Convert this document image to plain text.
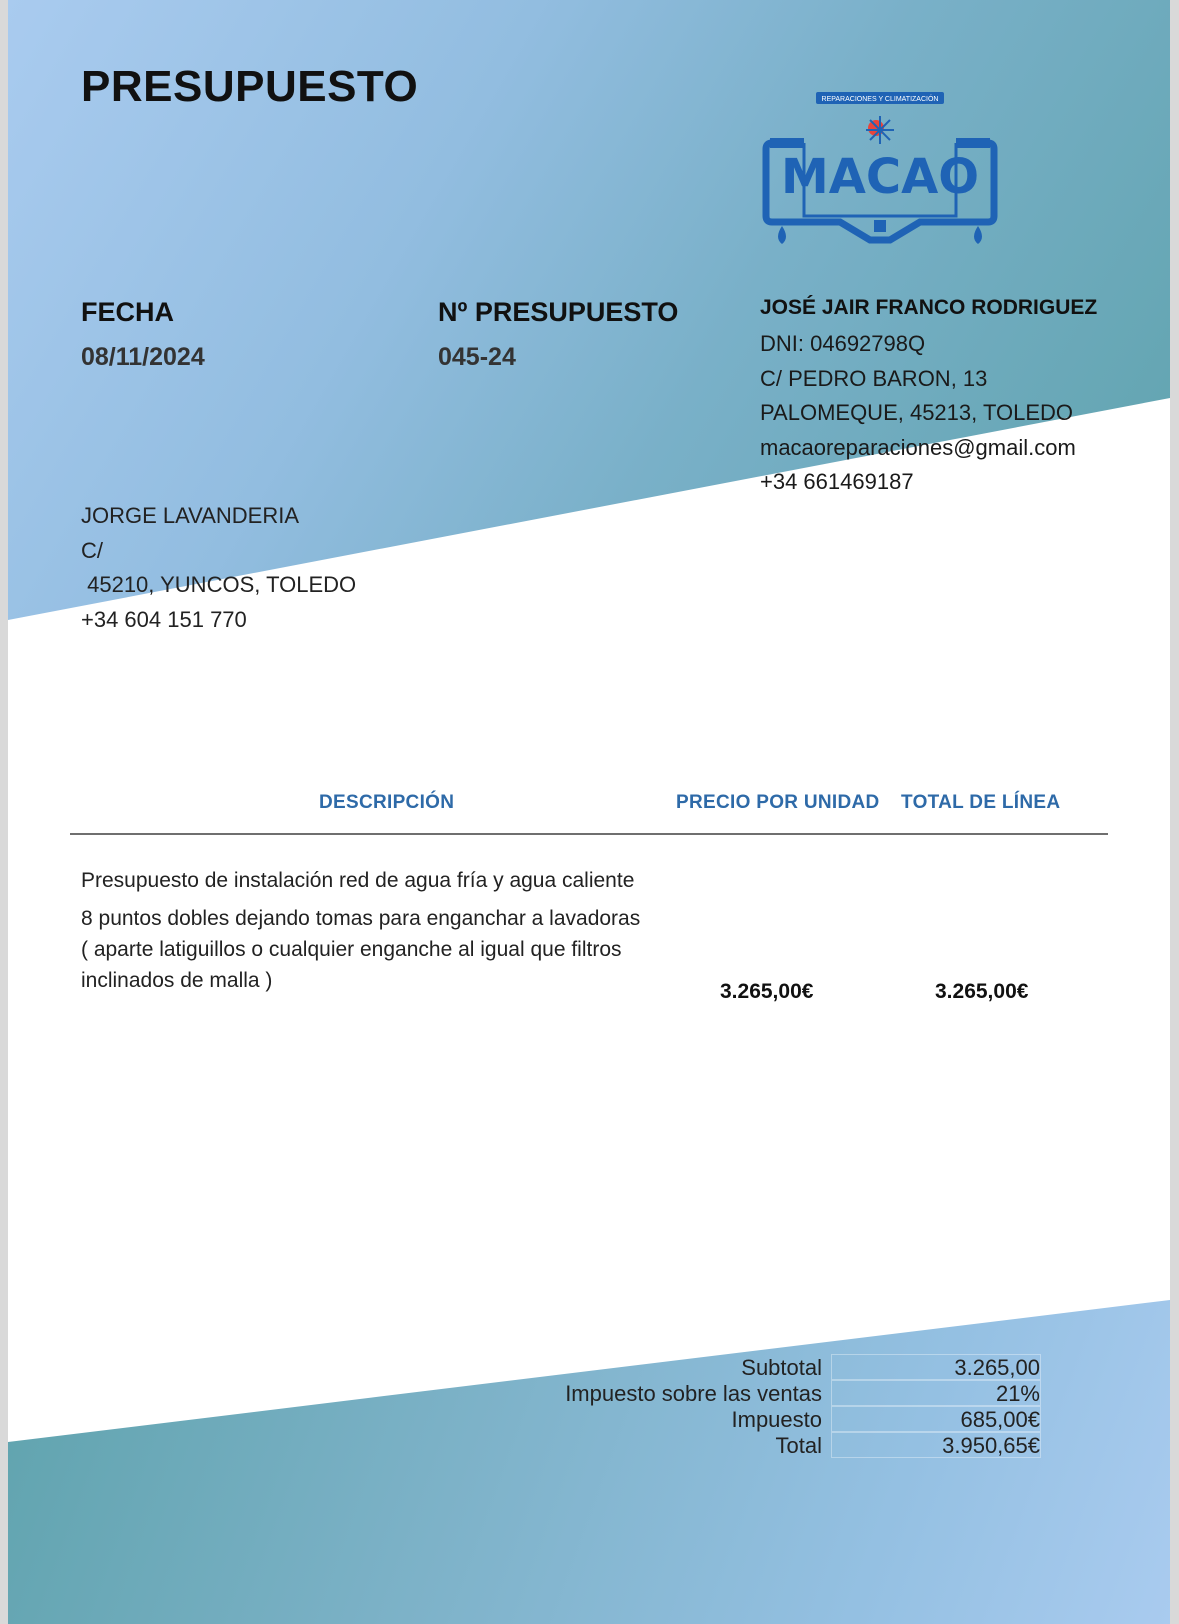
PRESUPUESTO	REPARACIONES Y CLIMATIZACIÓN
MACAO
FECHA
08/11/2024
Nº PRESUPUESTO
045-24
JOSÉ JAIR FRANCO RODRIGUEZ
DNI: 04692798Q
C/ PEDRO BARON, 13
PALOMEQUE, 45213, TOLEDO
macaoreparaciones@gmail.com
+34 661469187
JORGE LAVANDERIA
C/
45210, YUNCOS, TOLEDO
+34 604 151 770
DESCRIPCIÓN	PRECIO POR UNIDAD TOTAL DE LÍNEA
Presupuesto de instalación red de agua fría y agua caliente
8 puntos dobles dejando tomas para enganchar a lavadoras
( aparte latiguillos o cualquier enganche al igual que filtros
inclinados de malla )	3.265,00€	3.265,00€
Subtotal	3.265,00
Impuesto sobre las ventas	21%
Impuesto	685,00€
Total	3.950,65€
